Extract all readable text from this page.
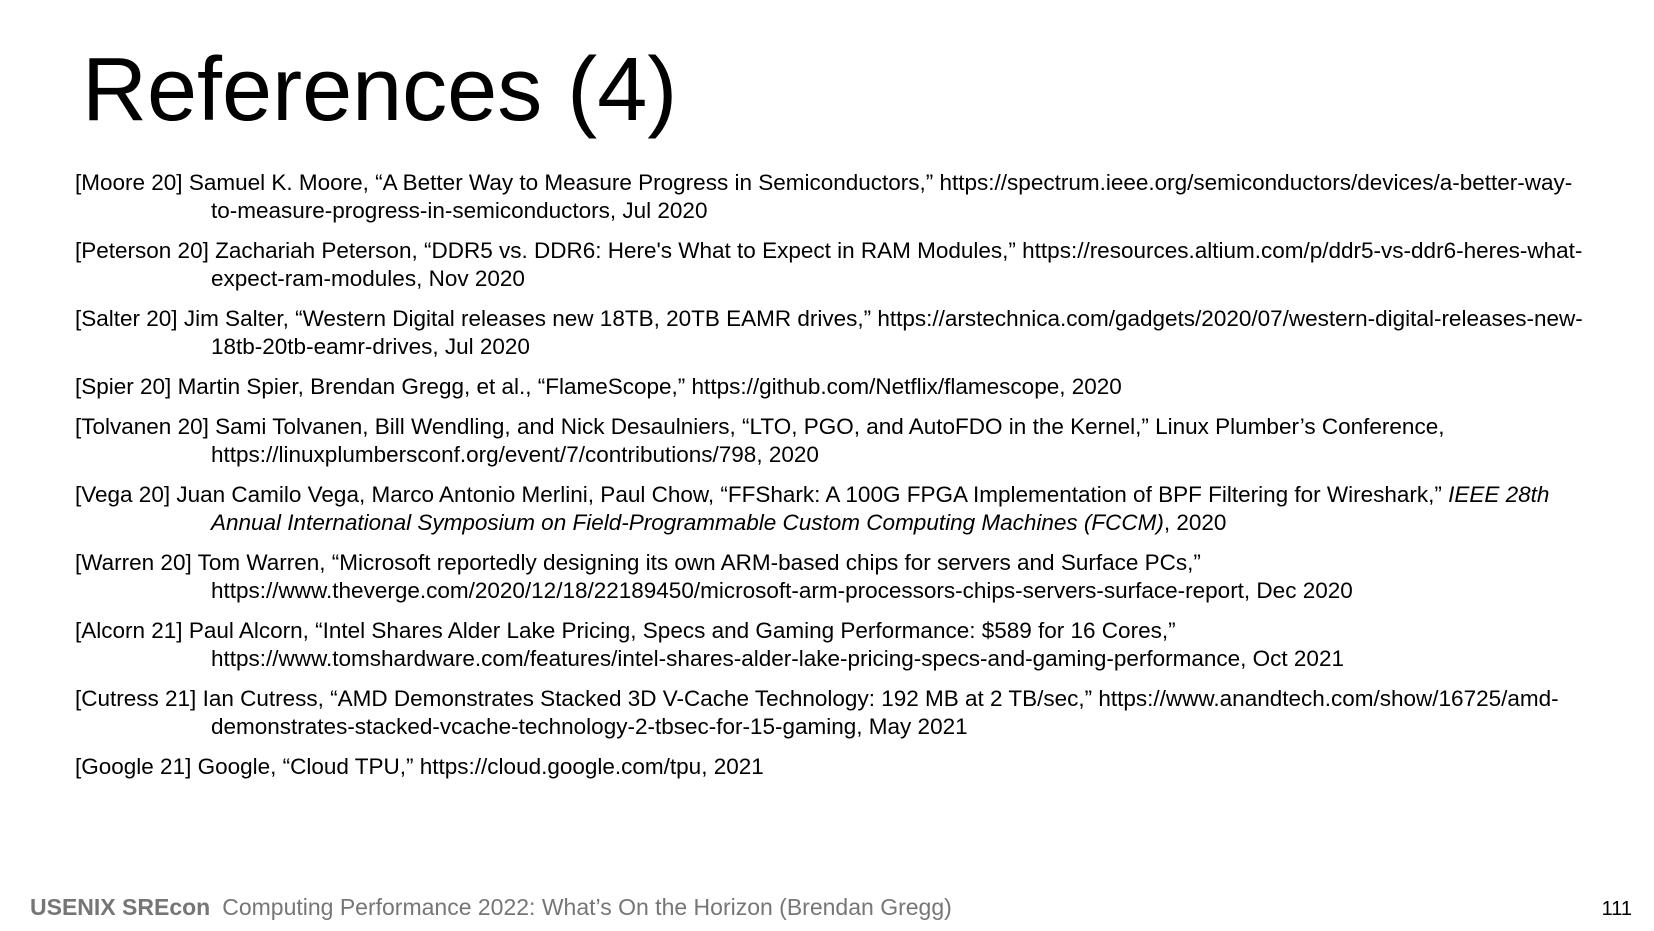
References (4)
[Moore 20] Samuel K. Moore, “A Better Way to Measure Progress in Semiconductors,” https://spectrum.ieee.org/semiconductors/devices/a-better-way-to-measure-progress-in-semiconductors, Jul 2020
[Peterson 20] Zachariah Peterson, “DDR5 vs. DDR6: Here's What to Expect in RAM Modules,” https://resources.altium.com/p/ddr5-vs-ddr6-heres-what-expect-ram-modules, Nov 2020
[Salter 20] Jim Salter, “Western Digital releases new 18TB, 20TB EAMR drives,” https://arstechnica.com/gadgets/2020/07/western-digital-releases-new-18tb-20tb-eamr-drives, Jul 2020
[Spier 20] Martin Spier, Brendan Gregg, et al., “FlameScope,” https://github.com/Netflix/flamescope, 2020
[Tolvanen 20] Sami Tolvanen, Bill Wendling, and Nick Desaulniers, “LTO, PGO, and AutoFDO in the Kernel,” Linux Plumber’s Conference, https://linuxplumbersconf.org/event/7/contributions/798, 2020
[Vega 20] Juan Camilo Vega, Marco Antonio Merlini, Paul Chow, “FFShark: A 100G FPGA Implementation of BPF Filtering for Wireshark,” IEEE 28th Annual International Symposium on Field-Programmable Custom Computing Machines (FCCM), 2020
[Warren 20] Tom Warren, “Microsoft reportedly designing its own ARM-based chips for servers and Surface PCs,” https://www.theverge.com/2020/12/18/22189450/microsoft-arm-processors-chips-servers-surface-report, Dec 2020
[Alcorn 21] Paul Alcorn, “Intel Shares Alder Lake Pricing, Specs and Gaming Performance: $589 for 16 Cores,” https://www.tomshardware.com/features/intel-shares-alder-lake-pricing-specs-and-gaming-performance, Oct 2021
[Cutress 21] Ian Cutress, “AMD Demonstrates Stacked 3D V-Cache Technology: 192 MB at 2 TB/sec,” https://www.anandtech.com/show/16725/amd-demonstrates-stacked-vcache-technology-2-tbsec-for-15-gaming, May 2021
[Google 21] Google, “Cloud TPU,” https://cloud.google.com/tpu, 2021
USENIX SREcon Computing Performance 2022: What’s On the Horizon (Brendan Gregg)	111
